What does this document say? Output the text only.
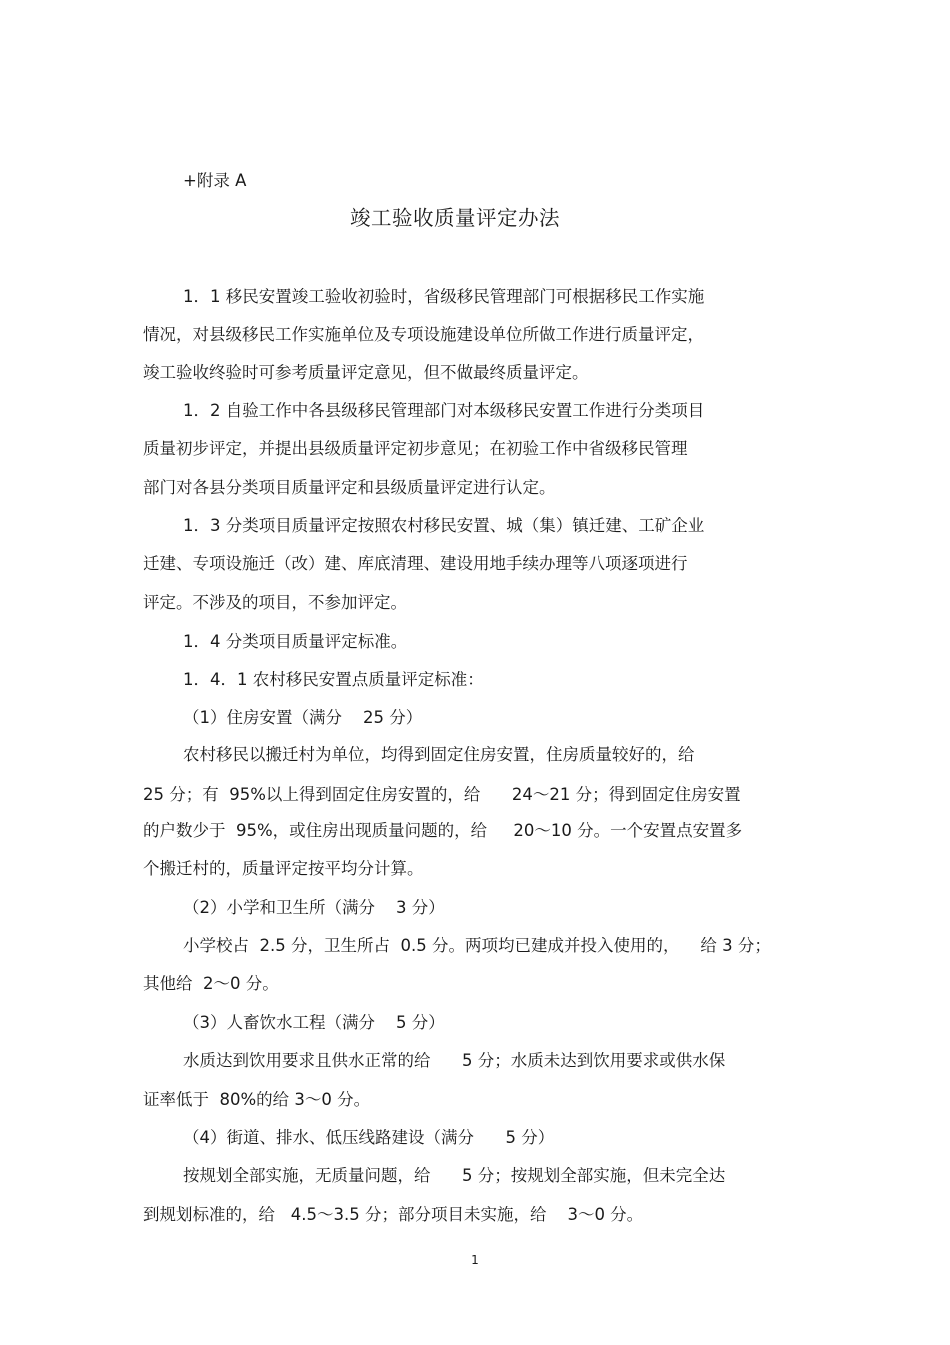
+附录 A
竣工验收质量评定办法
1．1 移民安置竣工验收初验时，省级移民管理部门可根据移民工作实施
情况，对县级移民工作实施单位及专项设施建设单位所做工作进行质量评定，
竣工验收终验时可参考质量评定意见，但不做最终质量评定。
1．2 自验工作中各县级移民管理部门对本级移民安置工作进行分类项目
质量初步评定，并提出县级质量评定初步意见；在初验工作中省级移民管理
部门对各县分类项目质量评定和县级质量评定进行认定。
1．3 分类项目质量评定按照农村移民安置、城（集）镇迁建、工矿企业
迁建、专项设施迁（改）建、库底清理、建设用地手续办理等八项逐项进行
评定。不涉及的项目，不参加评定。
1．4 分类项目质量评定标准。
1．4．1 农村移民安置点质量评定标准：
（1）住房安置（满分    25 分）
农村移民以搬迁村为单位，均得到固定住房安置，住房质量较好的，给
25 分；有  95%以上得到固定住房安置的，给      24～21 分；得到固定住房安置
的户数少于  95%，或住房出现质量问题的，给     20～10 分。一个安置点安置多
个搬迁村的，质量评定按平均分计算。
（2）小学和卫生所（满分    3 分）
小学校占  2.5 分，卫生所占  0.5 分。两项均已建成并投入使用的，    给 3 分；
其他给  2～0 分。
（3）人畜饮水工程（满分    5 分）
水质达到饮用要求且供水正常的给      5 分；水质未达到饮用要求或供水保
证率低于  80%的给 3～0 分。
（4）街道、排水、低压线路建设（满分      5 分）
按规划全部实施，无质量问题，给      5 分；按规划全部实施，但未完全达
到规划标准的，给   4.5～3.5 分；部分项目未实施，给    3～0 分。
1
